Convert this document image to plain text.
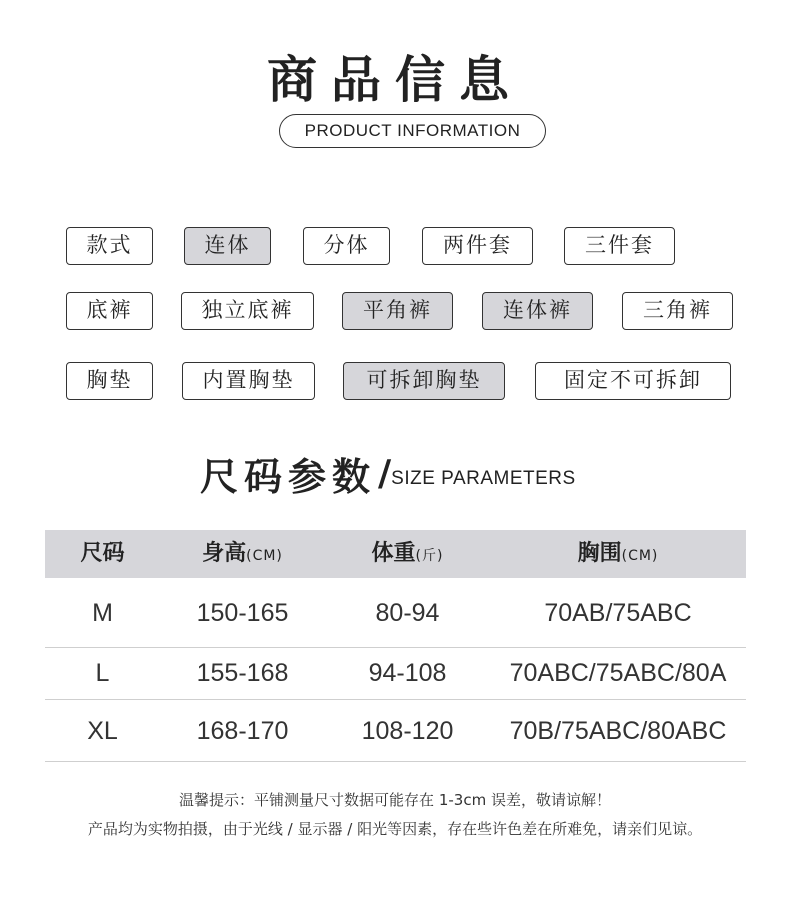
商品信息
PRODUCT INFORMATION
款式	连体	分体	两件套	三件套
底裤	独立底裤	平角裤	连体裤	三角裤
胸垫	内置胸垫	可拆卸胸垫	固定不可拆卸
尺码参数/SIZE PARAMETERS
尺码	身高(CM)	体重(斤)	胸围(CM)
M	150-165	80-94	70AB/75ABC
L	155-168	94-108	70ABC/75ABC/80A
XL	168-170	108-120	70B/75ABC/80ABC
温馨提示：平铺测量尺寸数据可能存在 1-3cm 误差，敬请谅解！
产品均为实物拍摄，由于光线 / 显示器 / 阳光等因素，存在些许色差在所难免，请亲们见谅。
